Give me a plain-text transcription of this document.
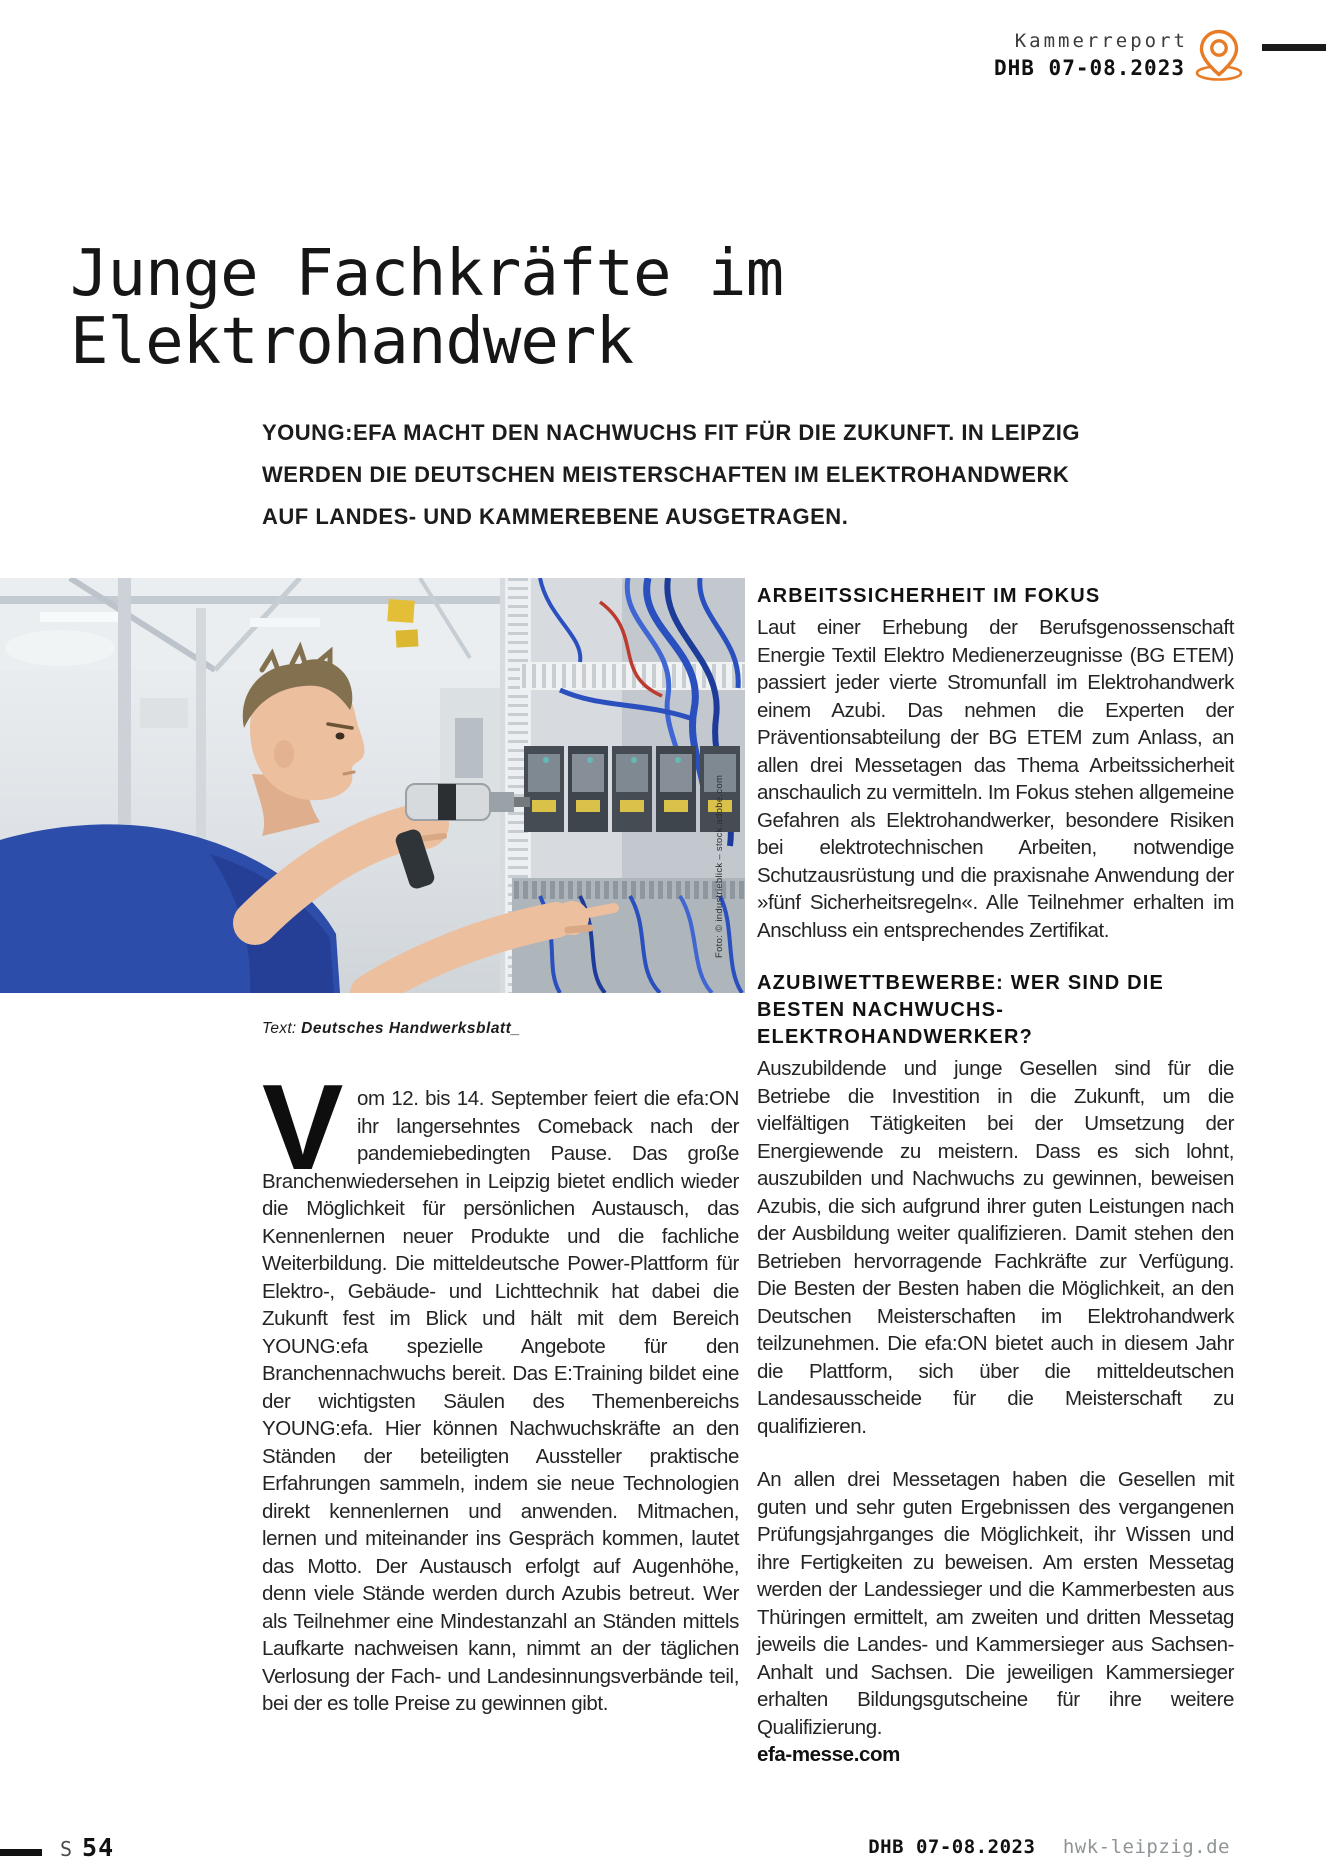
Kammerreport
DHB 07-08.2023
Junge Fachkräfte im
Elektrohandwerk

YOUNG:EFA MACHT DEN NACHWUCHS FIT FÜR DIE ZUKUNFT. IN LEIPZIG WERDEN DIE DEUTSCHEN MEISTERSCHAFTEN IM ELEKTROHANDWERK AUF LANDES- UND KAMMEREBENE AUSGETRAGEN.

Foto: © industrieblick – stock.adobe.com
Text: Deutsches Handwerksblatt_

Vom 12. bis 14. September feiert die efa:ON ihr langersehntes Comeback nach der pandemiebedingten Pause. Das große Branchenwiedersehen in Leipzig bietet endlich wieder die Möglichkeit für persönlichen Austausch, das Kennenlernen neuer Produkte und die fachliche Weiterbildung. Die mitteldeutsche Power-Plattform für Elektro-, Gebäude- und Lichttechnik hat dabei die Zukunft fest im Blick und hält mit dem Bereich YOUNG:efa spezielle Angebote für den Branchennachwuchs bereit. Das E:Training bildet eine der wichtigsten Säulen des Themenbereichs YOUNG:efa. Hier können Nachwuchskräfte an den Ständen der beteiligten Aussteller praktische Erfahrungen sammeln, indem sie neue Technologien direkt kennenlernen und anwenden. Mitmachen, lernen und miteinander ins Gespräch kommen, lautet das Motto. Der Austausch erfolgt auf Augenhöhe, denn viele Stände werden durch Azubis betreut. Wer als Teilnehmer eine Mindestanzahl an Ständen mittels Laufkarte nachweisen kann, nimmt an der täglichen Verlosung der Fach- und Landesinnungsverbände teil, bei der es tolle Preise zu gewinnen gibt.

ARBEITSSICHERHEIT IM FOKUS

Laut einer Erhebung der Berufsgenossenschaft Energie Textil Elektro Medienerzeugnisse (BG ETEM) passiert jeder vierte Stromunfall im Elektrohandwerk einem Azubi. Das nehmen die Experten der Präventionsabteilung der BG ETEM zum Anlass, an allen drei Messetagen das Thema Arbeitssicherheit anschaulich zu vermitteln. Im Fokus stehen allgemeine Gefahren als Elektrohandwerker, besondere Risiken bei elektrotechnischen Arbeiten, notwendige Schutzausrüstung und die praxisnahe Anwendung der »fünf Sicherheitsregeln«. Alle Teilnehmer erhalten im Anschluss ein entsprechendes Zertifikat.

AZUBIWETTBEWERBE: WER SIND DIE BESTEN NACHWUCHS-ELEKTROHANDWERKER?

Auszubildende und junge Gesellen sind für die Betriebe die Investition in die Zukunft, um die vielfältigen Tätigkeiten bei der Umsetzung der Energiewende zu meistern. Dass es sich lohnt, auszubilden und Nachwuchs zu gewinnen, beweisen Azubis, die sich aufgrund ihrer guten Leistungen nach der Ausbildung weiter qualifizieren. Damit stehen den Betrieben hervorragende Fachkräfte zur Verfügung. Die Besten der Besten haben die Möglichkeit, an den Deutschen Meisterschaften im Elektrohandwerk teilzunehmen. Die efa:ON bietet auch in diesem Jahr die Plattform, sich über die mitteldeutschen Landesausscheide für die Meisterschaft zu qualifizieren.

An allen drei Messetagen haben die Gesellen mit guten und sehr guten Ergebnissen des vergangenen Prüfungsjahrganges die Möglichkeit, ihr Wissen und ihre Fertigkeiten zu beweisen. Am ersten Messetag werden der Landessieger und die Kammerbesten aus Thüringen ermittelt, am zweiten und dritten Messetag jeweils die Landes- und Kammersieger aus Sachsen-Anhalt und Sachsen. Die jeweiligen Kammersieger erhalten Bildungsgutscheine für ihre weitere Qualifizierung.

efa-messe.com
S 54	DHB 07-08.2023 hwk-leipzig.de
